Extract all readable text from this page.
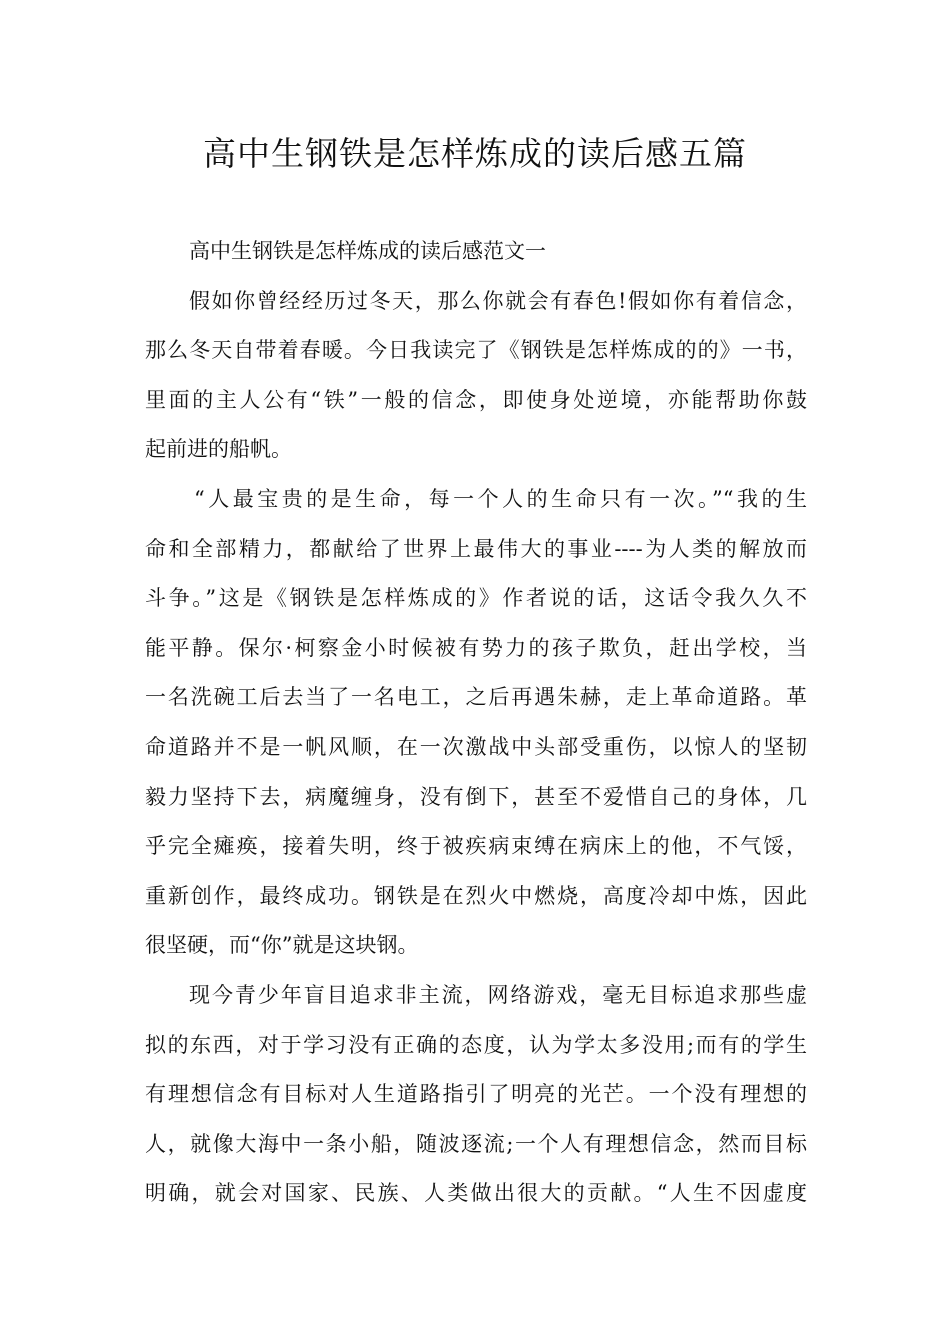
高中生钢铁是怎样炼成的读后感五篇
高中生钢铁是怎样炼成的读后感范文一
假如你曾经经历过冬天，那么你就会有春色!假如你有着信念，
那么冬天自带着春暖。今日我读完了《钢铁是怎样炼成的的》一书，
里面的主人公有“铁”一般的信念，即使身处逆境，亦能帮助你鼓
起前进的船帆。
“人最宝贵的是生命，每一个人的生命只有一次。”“我的生
命和全部精力，都献给了世界上最伟大的事业----为人类的解放而
斗争。”这是《钢铁是怎样炼成的》作者说的话，这话令我久久不
能平静。保尔·柯察金小时候被有势力的孩子欺负，赶出学校，当
一名洗碗工后去当了一名电工，之后再遇朱赫，走上革命道路。革
命道路并不是一帆风顺，在一次激战中头部受重伤，以惊人的坚韧
毅力坚持下去，病魔缠身，没有倒下，甚至不爱惜自己的身体，几
乎完全瘫痪，接着失明，终于被疾病束缚在病床上的他，不气馁，
重新创作，最终成功。钢铁是在烈火中燃烧，高度冷却中炼，因此
很坚硬，而“你”就是这块钢。
现今青少年盲目追求非主流，网络游戏，毫无目标追求那些虚
拟的东西，对于学习没有正确的态度，认为学太多没用;而有的学生
有理想信念有目标对人生道路指引了明亮的光芒。一个没有理想的
人，就像大海中一条小船，随波逐流;一个人有理想信念，然而目标
明确，就会对国家、民族、人类做出很大的贡献。“人生不因虚度
